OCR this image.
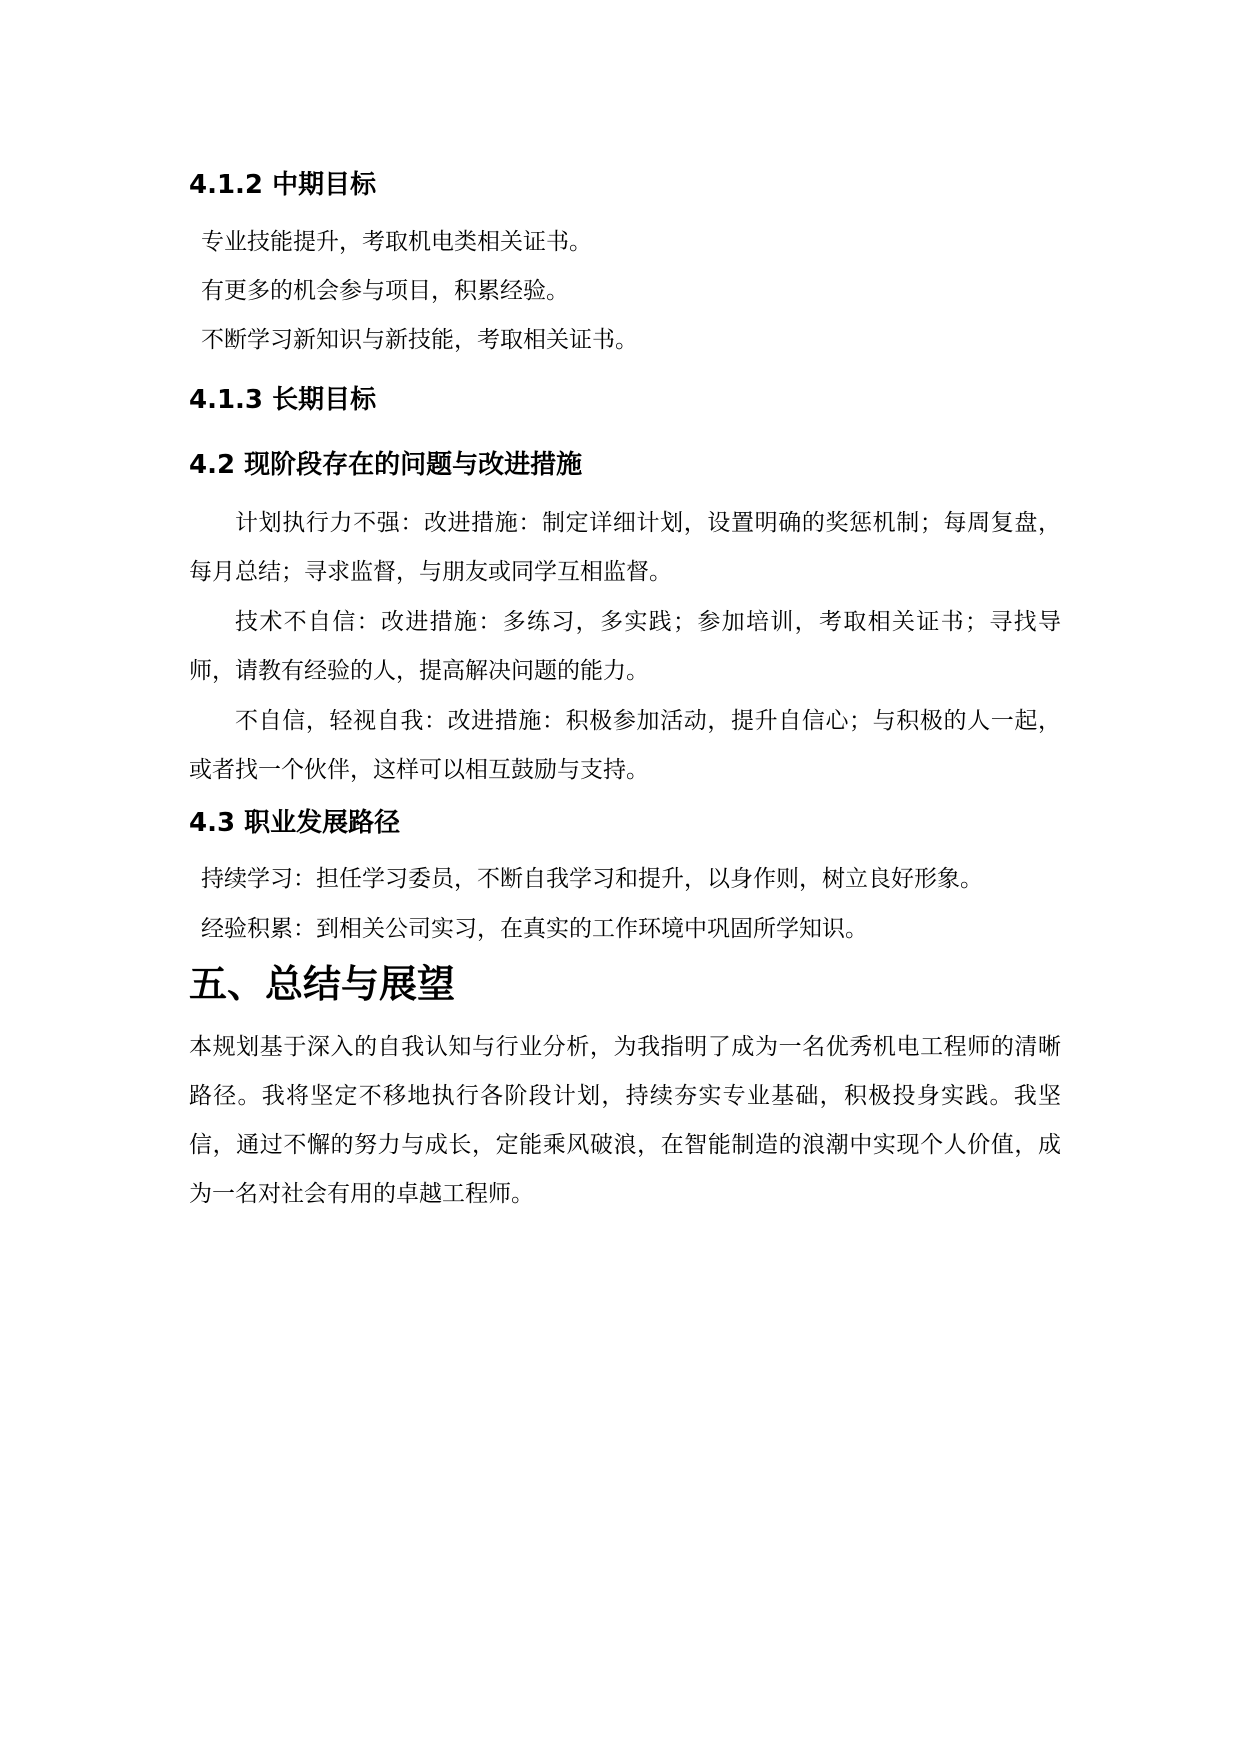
4.1.2 中期目标

专业技能提升，考取机电类相关证书。

有更多的机会参与项目，积累经验。

不断学习新知识与新技能，考取相关证书。

4.1.3 长期目标
4.2 现阶段存在的问题与改进措施

计划执行力不强：改进措施：制定详细计划，设置明确的奖惩机制；每周复盘，每月总结；寻求监督，与朋友或同学互相监督。

技术不自信：改进措施：多练习，多实践；参加培训，考取相关证书；寻找导师，请教有经验的人，提高解决问题的能力。

不自信，轻视自我：改进措施：积极参加活动，提升自信心；与积极的人一起，或者找一个伙伴，这样可以相互鼓励与支持。

4.3 职业发展路径

持续学习：担任学习委员，不断自我学习和提升，以身作则，树立良好形象。

经验积累：到相关公司实习，在真实的工作环境中巩固所学知识。

五、总结与展望

本规划基于深入的自我认知与行业分析，为我指明了成为一名优秀机电工程师的清晰路径。我将坚定不移地执行各阶段计划，持续夯实专业基础，积极投身实践。我坚信，通过不懈的努力与成长，定能乘风破浪，在智能制造的浪潮中实现个人价值，成为一名对社会有用的卓越工程师。
